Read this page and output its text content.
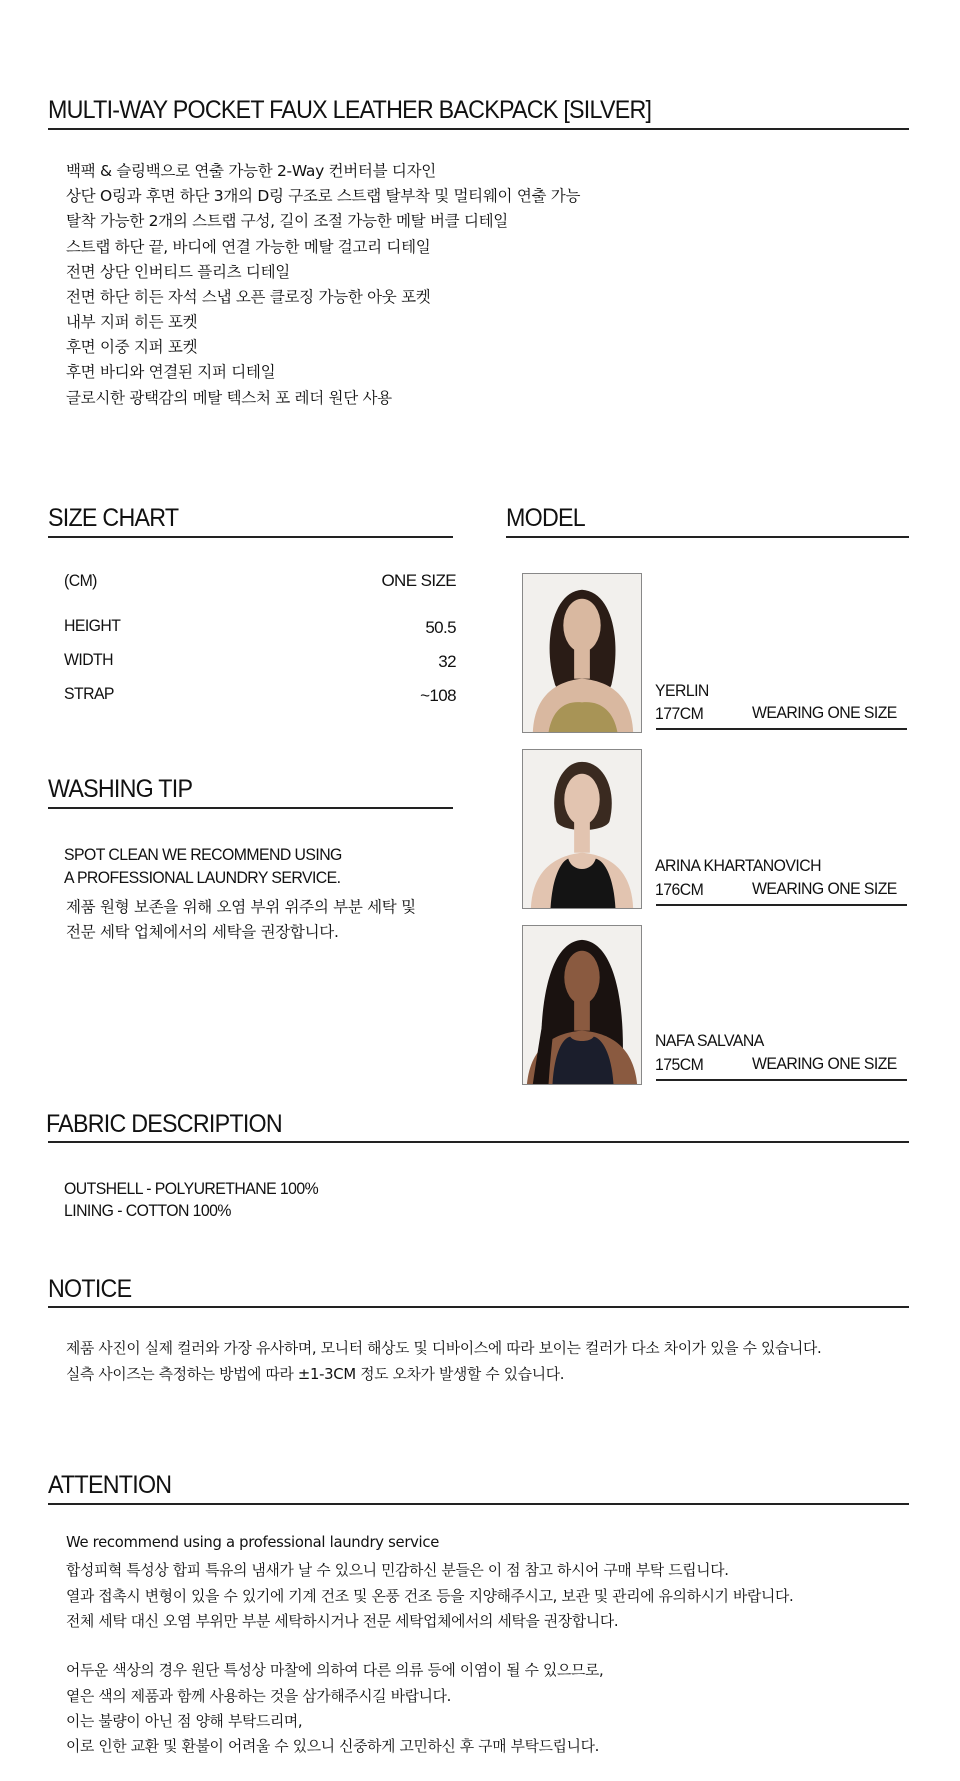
MULTI-WAY POCKET FAUX LEATHER BACKPACK [SILVER]
백팩 & 슬링백으로 연출 가능한 2-Way 컨버터블 디자인
상단 O링과 후면 하단 3개의 D링 구조로 스트랩 탈부착 및 멀티웨이 연출 가능
탈착 가능한 2개의 스트랩 구성, 길이 조절 가능한 메탈 버클 디테일
스트랩 하단 끝, 바디에 연결 가능한 메탈 걸고리 디테일
전면 상단 인버티드 플리츠 디테일
전면 하단 히든 자석 스냅 오픈 클로징 가능한 아웃 포켓
내부 지퍼 히든 포켓
후면 이중 지퍼 포켓
후면 바디와 연결된 지퍼 디테일
글로시한 광택감의 메탈 텍스처 포 레더 원단 사용
SIZE CHART
(CM)	ONE SIZE
HEIGHT	50.5
WIDTH	32
STRAP	~108
WASHING TIP
SPOT CLEAN WE RECOMMEND USING
A PROFESSIONAL LAUNDRY SERVICE.
제품 원형 보존을 위해 오염 부위 위주의 부분 세탁 및
전문 세탁 업체에서의 세탁을 권장합니다.
MODEL
YERLIN
177CM	WEARING ONE SIZE
ARINA KHARTANOVICH
176CM	WEARING ONE SIZE
NAFA SALVANA
175CM	WEARING ONE SIZE
FABRIC DESCRIPTION
OUTSHELL - POLYURETHANE 100%
LINING - COTTON 100%
NOTICE
제품 사진이 실제 컬러와 가장 유사하며, 모니터 해상도 및 디바이스에 따라 보이는 컬러가 다소 차이가 있을 수 있습니다.
실측 사이즈는 측정하는 방법에 따라 ±1-3CM 정도 오차가 발생할 수 있습니다.
ATTENTION
We recommend using a professional laundry service
합성피혁 특성상 합피 특유의 냄새가 날 수 있으니 민감하신 분들은 이 점 참고 하시어 구매 부탁 드립니다.
열과 접촉시 변형이 있을 수 있기에 기계 건조 및 온풍 건조 등을 지양해주시고, 보관 및 관리에 유의하시기 바랍니다.
전체 세탁 대신 오염 부위만 부분 세탁하시거나 전문 세탁업체에서의 세탁을 권장합니다.
어두운 색상의 경우 원단 특성상 마찰에 의하여 다른 의류 등에 이염이 될 수 있으므로,
옅은 색의 제품과 함께 사용하는 것을 삼가해주시길 바랍니다.
이는 불량이 아닌 점 양해 부탁드리며,
이로 인한 교환 및 환불이 어려울 수 있으니 신중하게 고민하신 후 구매 부탁드립니다.
